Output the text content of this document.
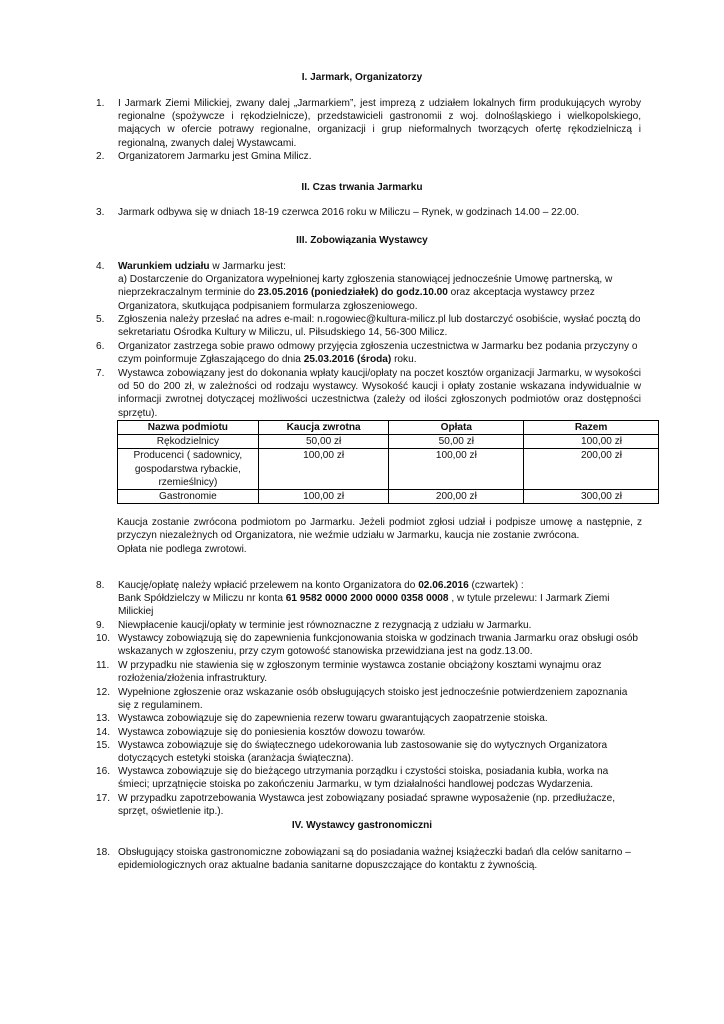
I. Jarmark, Organizatorzy
1.	I Jarmark Ziemi Milickiej, zwany dalej „Jarmarkiem”, jest imprezą z udziałem lokalnych firm produkujących wyroby regionalne (spożywcze i rękodzielnicze), przedstawicieli gastronomii z woj. dolnośląskiego i wielkopolskiego, mających w ofercie potrawy regionalne, organizacji i grup nieformalnych tworzących ofertę rękodzielniczą i regionalną, zwanych dalej Wystawcami.
2.	Organizatorem Jarmarku jest Gmina Milicz.
II. Czas trwania Jarmarku
3.	Jarmark odbywa się w dniach 18-19 czerwca 2016 roku w Miliczu – Rynek, w godzinach 14.00 – 22.00.
III. Zobowiązania Wystawcy
4.	Warunkiem udziału w Jarmarku jest:
a) Dostarczenie do Organizatora wypełnionej karty zgłoszenia stanowiącej jednocześnie Umowę partnerską, w nieprzekraczalnym terminie do 23.05.2016 (poniedziałek) do godz.10.00 oraz akceptacja wystawcy przez Organizatora, skutkująca podpisaniem formularza zgłoszeniowego.
5.	Zgłoszenia należy przesłać na adres e-mail: n.rogowiec@kultura-milicz.pl lub dostarczyć osobiście, wysłać pocztą do sekretariatu Ośrodka Kultury w Miliczu, ul. Piłsudskiego 14, 56-300 Milicz.
6.	Organizator zastrzega sobie prawo odmowy przyjęcia zgłoszenia uczestnictwa w Jarmarku bez podania przyczyny o czym poinformuje Zgłaszającego do dnia 25.03.2016 (środa) roku.
7.	Wystawca zobowiązany jest do dokonania wpłaty kaucji/opłaty na poczet kosztów organizacji Jarmarku, w wysokości od 50 do 200 zł, w zależności od rodzaju wystawcy. Wysokość kaucji i opłaty zostanie wskazana indywidualnie w informacji zwrotnej dotyczącej możliwości uczestnictwa (zależy od ilości zgłoszonych podmiotów oraz dostępności sprzętu).
Nazwa podmiotu	Kaucja zwrotna	Opłata	Razem
Rękodzielnicy	50,00 zł	50,00 zł	100,00 zł
Producenci ( sadownicy, gospodarstwa rybackie, rzemieślnicy)	100,00 zł	100,00 zł	200,00 zł
Gastronomie	100,00 zł	200,00 zł	300,00 zł
Kaucja zostanie zwrócona podmiotom po Jarmarku. Jeżeli podmiot zgłosi udział i podpisze umowę a następnie, z przyczyn niezależnych od Organizatora, nie weźmie udziału w Jarmarku, kaucja nie zostanie zwrócona.
Opłata nie podlega zwrotowi.
8.	Kaucję/opłatę należy wpłacić przelewem na konto Organizatora do 02.06.2016 (czwartek) :
Bank Spółdzielczy w Miliczu nr konta 61 9582 0000 2000 0000 0358 0008 , w tytule przelewu: I Jarmark Ziemi Milickiej
9.	Niewpłacenie kaucji/opłaty w terminie jest równoznaczne z rezygnacją z udziału w Jarmarku.
10. Wystawcy zobowiązują się do zapewnienia funkcjonowania stoiska w godzinach trwania Jarmarku oraz obsługi osób wskazanych w zgłoszeniu, przy czym gotowość stanowiska przewidziana jest na godz.13.00.
11. W przypadku nie stawienia się w zgłoszonym terminie wystawca zostanie obciążony kosztami wynajmu oraz rozłożenia/złożenia infrastruktury.
12. Wypełnione zgłoszenie oraz wskazanie osób obsługujących stoisko jest jednocześnie potwierdzeniem zapoznania się z regulaminem.
13. Wystawca zobowiązuje się do zapewnienia rezerw towaru gwarantujących zaopatrzenie stoiska.
14. Wystawca zobowiązuje się do poniesienia kosztów dowozu towarów.
15. Wystawca zobowiązuje się do świątecznego udekorowania lub zastosowanie się do wytycznych Organizatora dotyczących estetyki stoiska (aranżacja świąteczna).
16. Wystawca zobowiązuje się do bieżącego utrzymania porządku i czystości stoiska, posiadania kubła, worka na śmieci; uprzątnięcie stoiska po zakończeniu Jarmarku, w tym działalności handlowej podczas Wydarzenia.
17. W przypadku zapotrzebowania Wystawca jest zobowiązany posiadać sprawne wyposażenie (np. przedłużacze, sprzęt, oświetlenie itp.).
IV. Wystawcy gastronomiczni
18. Obsługujący stoiska gastronomiczne zobowiązani są do posiadania ważnej książeczki badań dla celów sanitarno – epidemiologicznych oraz aktualne badania sanitarne dopuszczające do kontaktu z żywnością.
